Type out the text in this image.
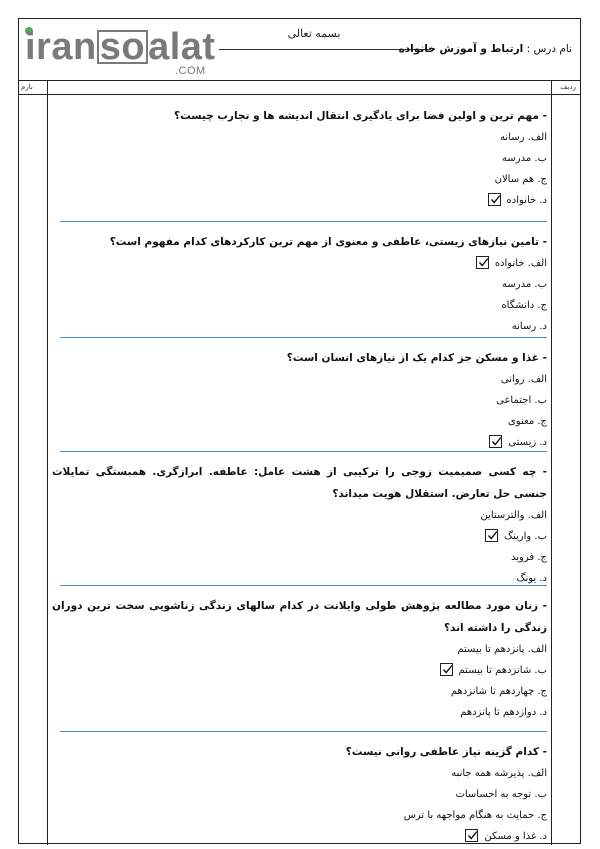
iransoalat
.COM
بسمه تعالی
نام درس : ارتباط و آموزش خانواده
بارم	ردیف
- مهم ترین و اولین فضا برای یادگیری انتقال اندیشه ها و تجارب چیست؟
الف. رسانه
ب. مدرسه
ج. هم سالان
د. خانواده
- تامین نیازهای زیستی، عاطفی و معنوی از مهم ترین کارکردهای کدام مفهوم است؟
الف. خانواده
ب. مدرسه
ج. دانشگاه
د. رسانه
- غذا و مسکن جز کدام یک از نیازهای انسان است؟
الف. روانی
ب. اجتماعی
ج. معنوی
د. زیستی
- چه کسی صمیمیت زوجی را ترکیبی از هشت عامل: عاطفه. ابرازگری. همبستگی تمایلات جنسی حل تعارض. استقلال هویت میداند؟
الف. والترستاین
ب. وارینگ
ج. فروید
د. یونگ
- زنان مورد مطالعه پژوهش طولی وایلانت در کدام سالهای زندگی زناشویی سخت ترین دوران زندگی را داشته اند؟
الف. پانزدهم تا بیستم
ب. شانزدهم تا بیستم
ج. چهاردهم تا شانزدهم
د. دوازدهم تا پانزدهم
- کدام گزینه نیاز عاطفی روانی نیست؟
الف. پذیرشه همه جانبه
ب. توجه به احساسات
ج. حمایت به هنگام مواجهه با ترس
د. غذا و مسکن
